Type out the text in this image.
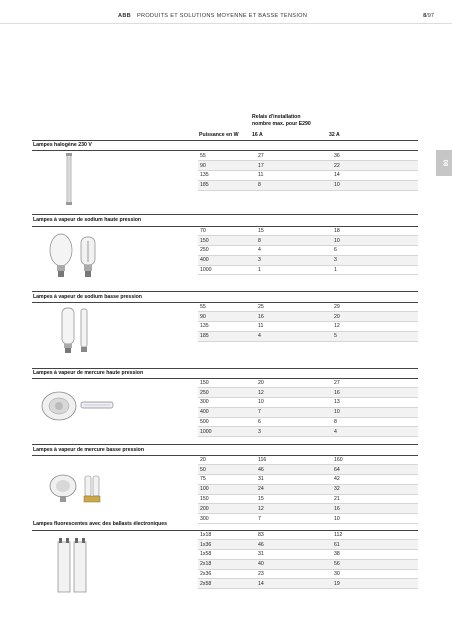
ABB PRODUITS ET SOLUTIONS MOYENNE ET BASSE TENSION	8/97
08
Relais d'installation
nombre max. pour E290
Puissance en W	16 A	32 A
Lampes halogène 230 V
55	27	36
90	17	22
135	11	14
185	8	10
Lampes à vapeur de sodium haute pression
70	15	18
150	8	10
250	4	6
400	3	3
1000	1	1
Lampes à vapeur de sodium basse pression
55	25	29
90	16	20
135	11	12
185	4	5
Lampes à vapeur de mercure haute pression
150	20	27
250	12	16
300	10	13
400	7	10
500	6	8
1000	3	4
Lampes à vapeur de mercure basse pression
20	116	160
50	46	64
75	31	42
100	24	32
150	15	21
200	12	16
300	7	10
Lampes fluorescentes avec des ballasts électroniques
1x18	83	112
1x36	46	61
1x58	31	38
2x18	40	56
2x36	23	30
2x58	14	19
